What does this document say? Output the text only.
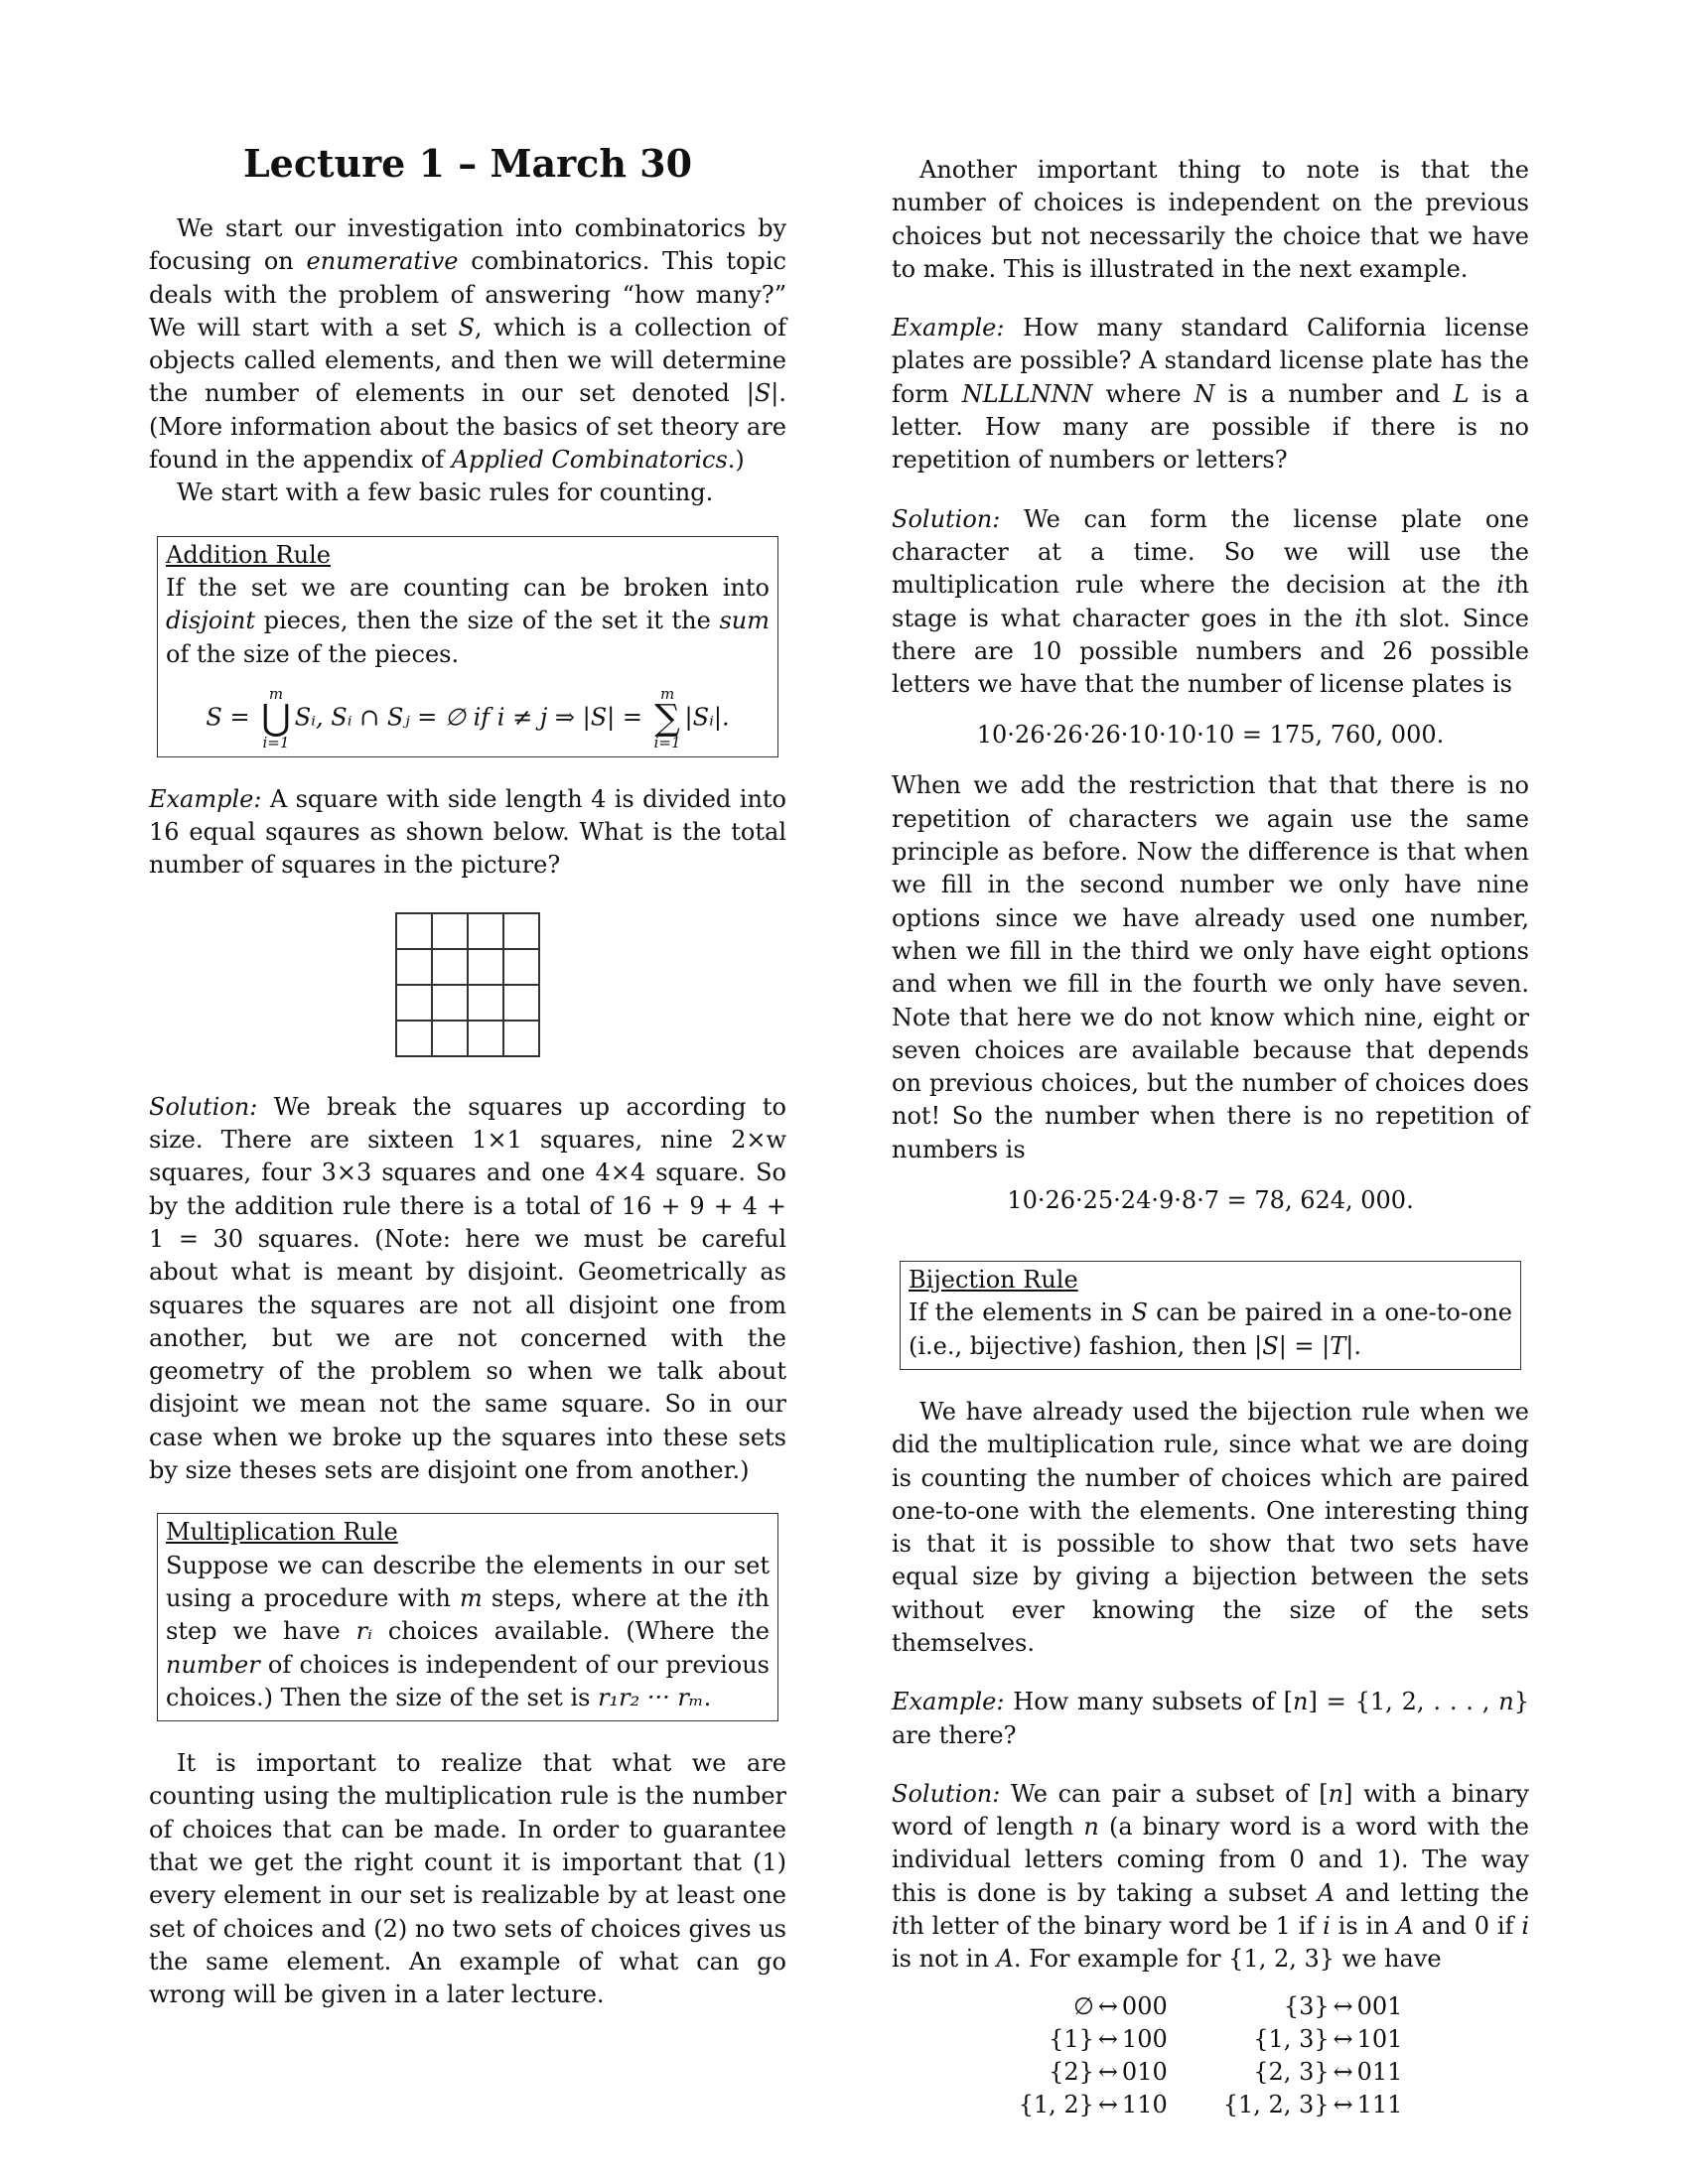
Lecture 1 – March 30

We start our investigation into combinatorics by focusing on enumerative combinatorics. This topic deals with the problem of answering “how many?” We will start with a set S, which is a collection of objects called elements, and then we will determine the number of elements in our set denoted |S|. (More information about the basics of set theory are found in the appendix of Applied Combinatorics.)

We start with a few basic rules for counting.

Addition Rule

If the set we are counting can be broken into disjoint pieces, then the size of the set it the sum of the size of the pieces.

S =
m
⋃
i=1
Sᵢ, Sᵢ ∩ Sⱼ = ∅ if i ≠ j ⇒ |S| =
m
∑
i=1
|Sᵢ|.

Example: A square with side length 4 is divided into 16 equal sqaures as shown below. What is the total number of squares in the picture?

Solution: We break the squares up according to size. There are sixteen 1×1 squares, nine 2×w squares, four 3×3 squares and one 4×4 square. So by the addition rule there is a total of 16 + 9 + 4 + 1 = 30 squares. (Note: here we must be careful about what is meant by disjoint. Geometrically as squares the squares are not all disjoint one from another, but we are not concerned with the geometry of the problem so when we talk about disjoint we mean not the same square. So in our case when we broke up the squares into these sets by size theses sets are disjoint one from another.)

Multiplication Rule

Suppose we can describe the elements in our set using a procedure with m steps, where at the ith step we have rᵢ choices available. (Where the number of choices is independent of our previous choices.) Then the size of the set is r₁r₂ ··· rₘ.

It is important to realize that what we are counting using the multiplication rule is the number of choices that can be made. In order to guarantee that we get the right count it is important that (1) every element in our set is realizable by at least one set of choices and (2) no two sets of choices gives us the same element. An example of what can go wrong will be given in a later lecture.

Another important thing to note is that the number of choices is independent on the previous choices but not necessarily the choice that we have to make. This is illustrated in the next example.

Example: How many standard California license plates are possible? A standard license plate has the form NLLLNNN where N is a number and L is a letter. How many are possible if there is no repetition of numbers or letters?

Solution: We can form the license plate one character at a time. So we will use the multiplication rule where the decision at the ith stage is what character goes in the ith slot. Since there are 10 possible numbers and 26 possible letters we have that the number of license plates is

10·26·26·26·10·10·10 = 175, 760, 000.

When we add the restriction that that there is no repetition of characters we again use the same principle as before. Now the difference is that when we fill in the second number we only have nine options since we have already used one number, when we fill in the third we only have eight options and when we fill in the fourth we only have seven. Note that here we do not know which nine, eight or seven choices are available because that depends on previous choices, but the number of choices does not! So the number when there is no repetition of numbers is

10·26·25·24·9·8·7 = 78, 624, 000.
Bijection Rule

If the elements in S can be paired in a one-to-one (i.e., bijective) fashion, then |S| = |T|.

We have already used the bijection rule when we did the multiplication rule, since what we are doing is counting the number of choices which are paired one-to-one with the elements. One interesting thing is that it is possible to show that two sets have equal size by giving a bijection between the sets without ever knowing the size of the sets themselves.

Example: How many subsets of [n] = {1, 2, . . . , n} are there?

Solution: We can pair a subset of [n] with a binary word of length n (a binary word is a word with the individual letters coming from 0 and 1). The way this is done is by taking a subset A and letting the ith letter of the binary word be 1 if i is in A and 0 if i is not in A. For example for {1, 2, 3} we have

∅	↔	000	{3}	↔	001
{1}	↔	100	{1, 3}	↔	101
{2}	↔	010	{2, 3}	↔	011
{1, 2}	↔	110	{1, 2, 3}	↔	111
